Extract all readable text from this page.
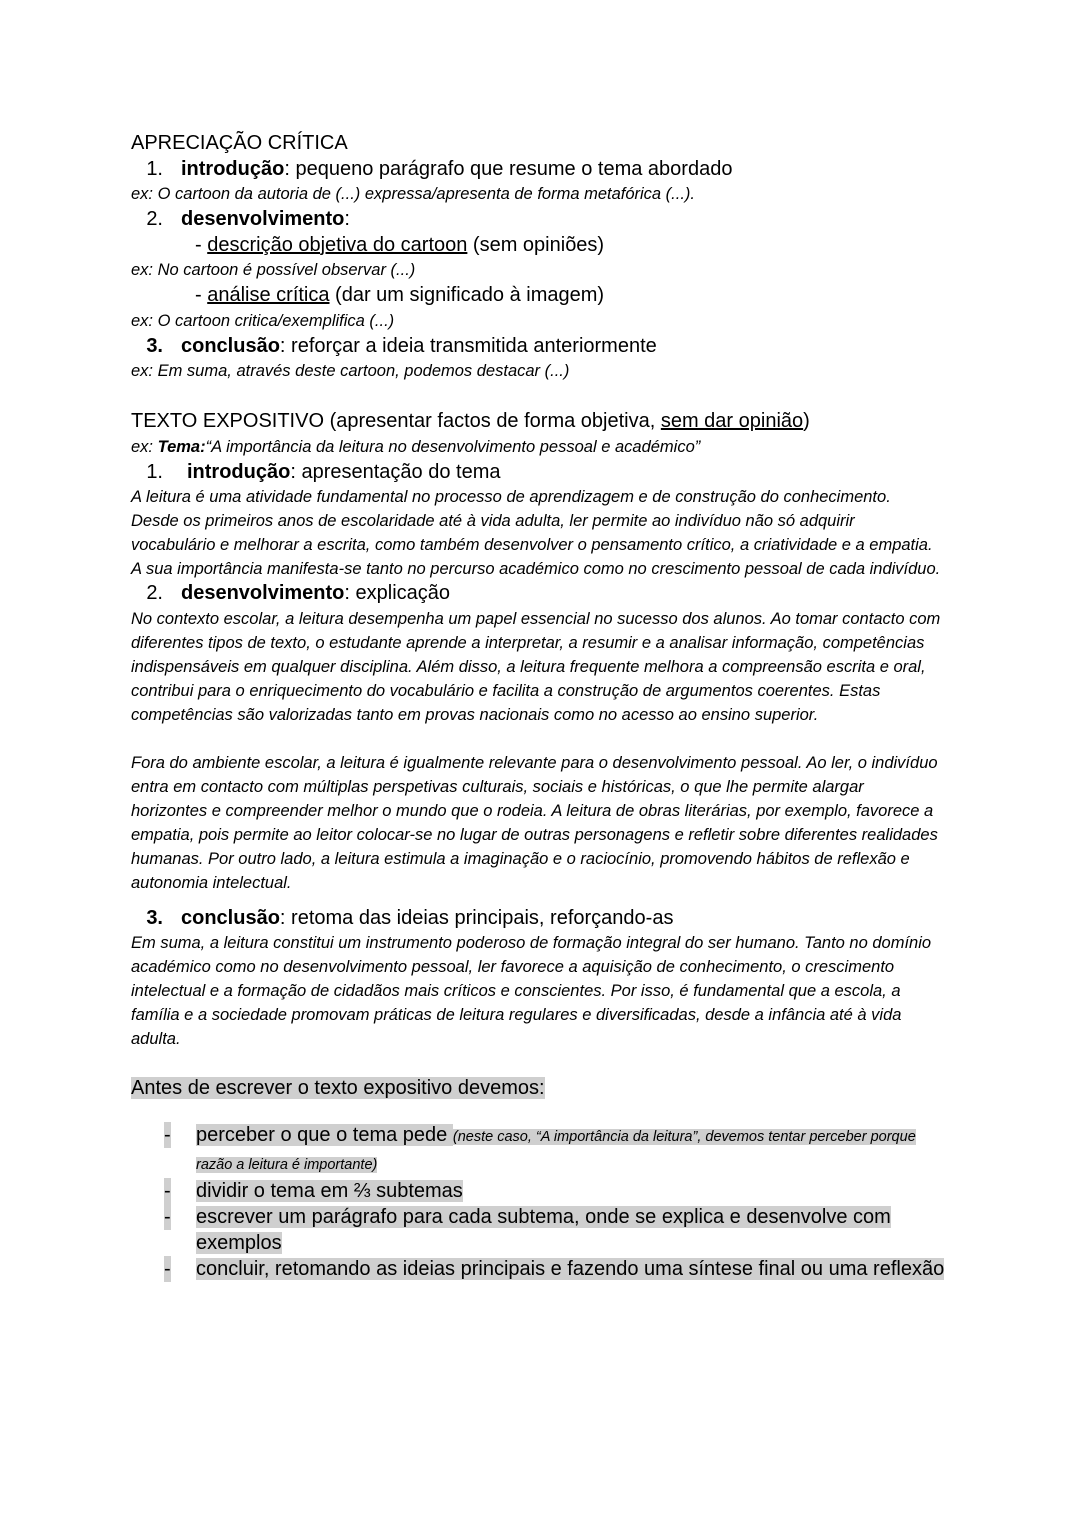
APRECIAÇÃO CRÍTICA
1. introdução: pequeno parágrafo que resume o tema abordado
ex: O cartoon da autoria de (...) expressa/apresenta de forma metafórica (...).
2. desenvolvimento:
- descrição objetiva do cartoon (sem opiniões)
ex: No cartoon é possível observar (...)
- análise crítica (dar um significado à imagem)
ex: O cartoon critica/exemplifica (...)
3. conclusão: reforçar a ideia transmitida anteriormente
ex: Em suma, através deste cartoon, podemos destacar (...)
TEXTO EXPOSITIVO (apresentar factos de forma objetiva, sem dar opinião)
ex: Tema:“A importância da leitura no desenvolvimento pessoal e académico”
1. introdução: apresentação do tema
A leitura é uma atividade fundamental no processo de aprendizagem e de construção do conhecimento. Desde os primeiros anos de escolaridade até à vida adulta, ler permite ao indivíduo não só adquirir vocabulário e melhorar a escrita, como também desenvolver o pensamento crítico, a criatividade e a empatia. A sua importância manifesta-se tanto no percurso académico como no crescimento pessoal de cada indivíduo.
2. desenvolvimento: explicação
No contexto escolar, a leitura desempenha um papel essencial no sucesso dos alunos. Ao tomar contacto com diferentes tipos de texto, o estudante aprende a interpretar, a resumir e a analisar informação, competências indispensáveis em qualquer disciplina. Além disso, a leitura frequente melhora a compreensão escrita e oral, contribui para o enriquecimento do vocabulário e facilita a construção de argumentos coerentes. Estas competências são valorizadas tanto em provas nacionais como no acesso ao ensino superior.
Fora do ambiente escolar, a leitura é igualmente relevante para o desenvolvimento pessoal. Ao ler, o indivíduo entra em contacto com múltiplas perspetivas culturais, sociais e históricas, o que lhe permite alargar horizontes e compreender melhor o mundo que o rodeia. A leitura de obras literárias, por exemplo, favorece a empatia, pois permite ao leitor colocar-se no lugar de outras personagens e refletir sobre diferentes realidades humanas. Por outro lado, a leitura estimula a imaginação e o raciocínio, promovendo hábitos de reflexão e autonomia intelectual.
3. conclusão: retoma das ideias principais, reforçando-as
Em suma, a leitura constitui um instrumento poderoso de formação integral do ser humano. Tanto no domínio académico como no desenvolvimento pessoal, ler favorece a aquisição de conhecimento, o crescimento intelectual e a formação de cidadãos mais críticos e conscientes. Por isso, é fundamental que a escola, a família e a sociedade promovam práticas de leitura regulares e diversificadas, desde a infância até à vida adulta.
Antes de escrever o texto expositivo devemos:
- perceber o que o tema pede (neste caso, “A importância da leitura”, devemos tentar perceber porque razão a leitura é importante)
- dividir o tema em ⅔ subtemas
- escrever um parágrafo para cada subtema, onde se explica e desenvolve com exemplos
- concluir, retomando as ideias principais e fazendo uma síntese final ou uma reflexão
